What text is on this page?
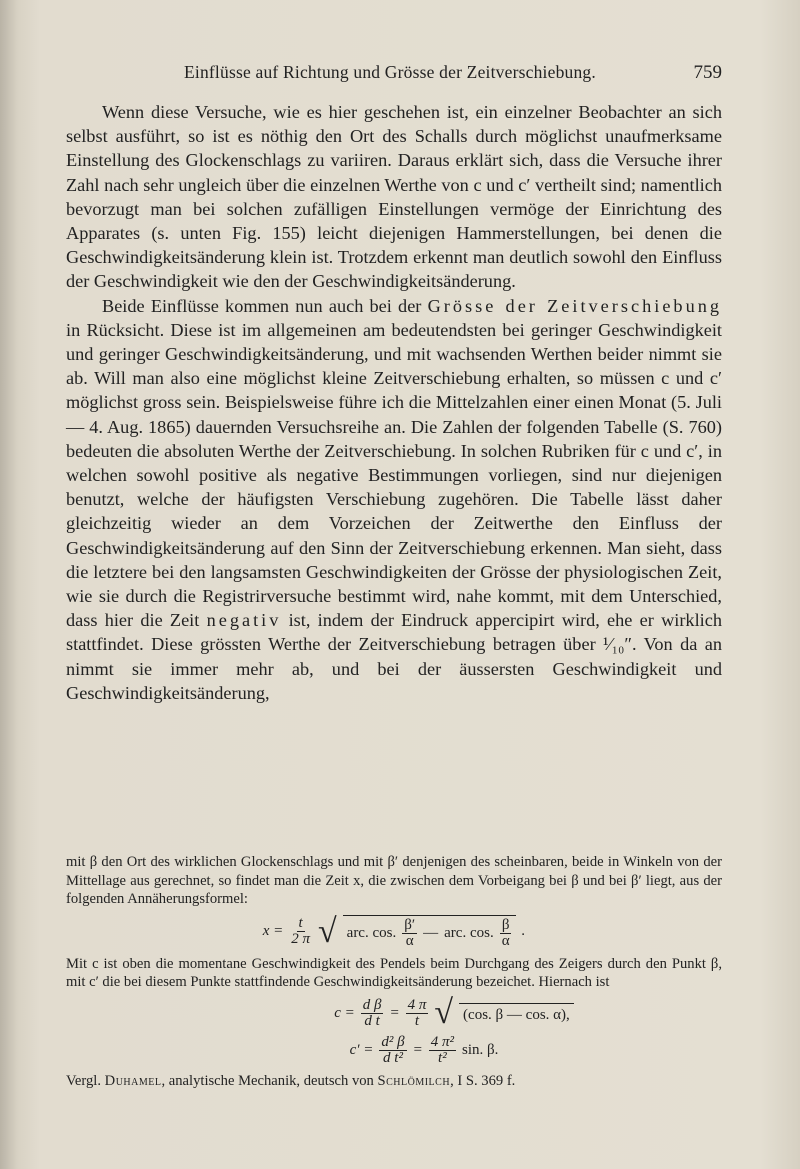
Einflüsse auf Richtung und Grösse der Zeitverschiebung.	759

Wenn diese Versuche, wie es hier geschehen ist, ein einzelner Beobachter an sich selbst ausführt, so ist es nöthig den Ort des Schalls durch möglichst unaufmerksame Einstellung des Glockenschlags zu variiren. Daraus erklärt sich, dass die Versuche ihrer Zahl nach sehr ungleich über die einzelnen Werthe von c und c′ vertheilt sind; namentlich bevorzugt man bei solchen zufälligen Einstellungen vermöge der Einrichtung des Apparates (s. unten Fig. 155) leicht diejenigen Hammerstellungen, bei denen die Geschwindigkeitsänderung klein ist. Trotzdem erkennt man deutlich sowohl den Einfluss der Geschwindigkeit wie den der Geschwindigkeitsänderung.

Beide Einflüsse kommen nun auch bei der Grösse der Zeitverschiebung in Rücksicht. Diese ist im allgemeinen am bedeutendsten bei geringer Geschwindigkeit und geringer Geschwindigkeitsänderung, und mit wachsenden Werthen beider nimmt sie ab. Will man also eine möglichst kleine Zeitverschiebung erhalten, so müssen c und c′ möglichst gross sein. Beispielsweise führe ich die Mittelzahlen einer einen Monat (5. Juli — 4. Aug. 1865) dauernden Versuchsreihe an. Die Zahlen der folgenden Tabelle (S. 760) bedeuten die absoluten Werthe der Zeitverschiebung. In solchen Rubriken für c und c′, in welchen sowohl positive als negative Bestimmungen vorliegen, sind nur diejenigen benutzt, welche der häufigsten Verschiebung zugehören. Die Tabelle lässt daher gleichzeitig wieder an dem Vorzeichen der Zeitwerthe den Einfluss der Geschwindigkeitsänderung auf den Sinn der Zeitverschiebung erkennen. Man sieht, dass die letztere bei den langsamsten Geschwindigkeiten der Grösse der physiologischen Zeit, wie sie durch die Registrirversuche bestimmt wird, nahe kommt, mit dem Unterschied, dass hier die Zeit negativ ist, indem der Eindruck appercipirt wird, ehe er wirklich stattfindet. Diese grössten Werthe der Zeitverschiebung betragen über ¹⁄₁₀″. Von da an nimmt sie immer mehr ab, und bei der äussersten Geschwindigkeit und Geschwindigkeitsänderung,

mit β den Ort des wirklichen Glockenschlags und mit β′ denjenigen des scheinbaren, beide in Winkeln von der Mittellage aus gerechnet, so findet man die Zeit x, die zwischen dem Vorbeigang bei β und bei β′ liegt, aus der folgenden Annäherungsformel:

$x = \frac{t}{2 \pi}$ √ arc. cos. $\frac{\beta'}{\alpha}$ — arc. cos. $\frac{\beta}{\alpha}$ .

Mit c ist oben die momentane Geschwindigkeit des Pendels beim Durchgang des Zeigers durch den Punkt β, mit c′ die bei diesem Punkte stattfindende Geschwindigkeitsänderung bezeichet. Hiernach ist

$c = \frac{\text{d β}}{\text{d t}} = \frac{4 \pi}{t}$ √ (cos. β — cos. α),
$c' = \frac{\text{d² β}}{\text{d t²}} = \frac{\text{4 π²}}{\text{t²}} \sin$. β.

Vergl. Duhamel, analytische Mechanik, deutsch von Schlömilch, I S. 369 f.
